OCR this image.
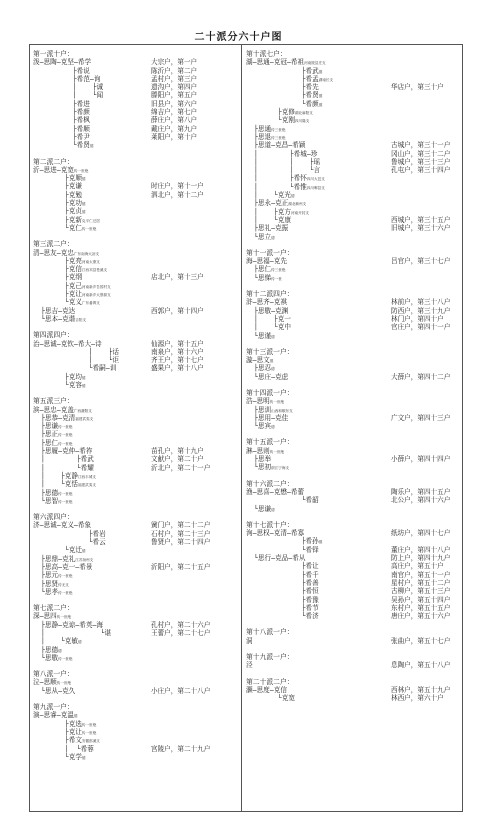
二十派分六十户图
第一派十户：
泼—思陶—克坚—希学	大宗户，第一户
├希说	陈沂户，第二户
├希范—询	孟村户，第三户
│    ├诚	遗沟户，第四户
│    └闻	滕阳户，第五户
├希进	旧县户，第六户
├希颜	绵吉户，第七户
├希枫	薛庄户，第八户
├希顺	戴庄户，第九户
├希尹	莱阳户，第十户
└希贤德
第二派二户：
沂—思进—克宽传一世绝
├克顺德
├克谦	时庄户，第十一户
├克勉	泗北户，第十二户
├克功德
├克贞德
├克新克平仁迁居
└克仁传一世绝
第三派二户：
清—思友—克忠广东南海大沥支
├克亮河南太康支
├克信江西宾县苍溪支
├克纲	店北户，第十三户
├克己河南新乡吾园村支
├克让河南新乡大堡源支
└克义广东番禺支
├思吉—克达	西郭户，第十四户
└思本—克谐吉阳支
第四派四户：
治—思诚—克钦—希大—诗	仙源户，第十五户
│    ├话	南泉户，第十六户
│    └讵	齐王户，第十七户
└希嗣—训	盛果户，第十八户
├克均德
└克容德
第五派三户：
滨—思忠—克盖广西灌阳支
├思恭—克清福建武夷支
├思谦传一世绝
├思正传一世绝
├思仁传一世绝
├思履—克仲—希祚	苗孔户，第十九户
│        ├希武	文献户，第二十户
│        └希耀	沂北户，第二十一户
│    ├克静江西丰城支
│    └克恬福建武夷支
├思德传一世绝
└思智传一世绝
第六派四户：
济—思诚—克义—希象	黉门户，第二十二户
├希岩	石村户，第二十三户
└希云	鲁贤户，第二十四户
└克迁德
├思鼎—克礼江苏扬州支
├思高—克一—希景	沂阳户，第二十五户
├思元传一世绝
├思贤传无支
└思孝传一世绝
第七派二户：
深—思四传一世绝
├思静—克谅—希英—海	孔村户，第二十六户
│              └谌	王蕾户，第二十七户
│    └克敏德
├思德德
└思敬传一世绝
第八派一户：
泣—思顺传一世绝
└思从—克久	小庄户，第二十八户
第九派一户：
演—思睿—克温德
├克选传一世绝
├克让传一世绝
├希文安徽郎溪支
│  └希蓉	宫陵户，第二十九户
└克学德
第十派七户：
湖—思通—克冠—希祖河南陵县庄支
├希武德
├希孟湖南长支
├希先	华店户，第三十户
├希贤德
└希颜德
├克修湖北麻阳支
└克刚四川隆支
├思通传三世绝
├思退传三世绝
├思道—克昌—希颖	古城户，第三十一户
│        ├希城—珍	冈山户，第三十二户
│        │    ├瑶	鲁城户，第三十三户
│        │    └言	孔屯户，第三十四户
│        ├希怀四川大邑支
│        └希惟四川郫县支
│    └克光德
├思永—克正湖北蕲州支
│    ├克方河南开封支
│    └克康	西城户，第三十五户
├思礼—克振	旧城户，第三十六户
└思立德
第十一派一户：
海—思福—克先	吕官户，第三十七户
├思仁传三世绝
└思悌传一世
第十二派四户：
浒—思齐—克祺	林前户，第三十八户
├思敬—克渊	防西户，第三十九户
│    ├克一	林门户，第四十户
│    └克中	官庄户，第四十一户
└思谨德
第十三派一户：
漩—思文德
├思忍德
└思庄—克虑	大薛户，第四十二户
第十四派一户：
浩—思明传一世绝
├思训山西和顺东支
├思用—克佳	广文户，第四十三户
└思宾德
第十五派一户：
淋—思则传一世绝
├思举	小薛户，第四十四户
└思初浙江宁海支
第十六派二户：
渔—思喜—克懋—希蕾	陶乐户，第四十五户
└希韶	北公户，第四十六户
└思谦德
第十七派十户：
洵—思权—克清—希寡	纸坊户，第四十七户
├希孙德
└希铎	董庄户，第四十八户
└思行—克品—希从	防上户，第四十九户
├希让	高庄户，第五十户
├希千	南官户，第五十一户
├希善	星村户，第五十二户
├希恒	古柳户，第五十三户
├希豫	吴孙户，第五十四户
├希节	东村户，第五十五户
└希济	唐庄户，第五十六户
第十八派一户：
洞	张曲户，第五十七户
第十九派一户：
泾	息陶户，第五十八户
第二十派二户：
灏—思度—克信	西林户，第五十九户
└克宽	林西户，第六十户
